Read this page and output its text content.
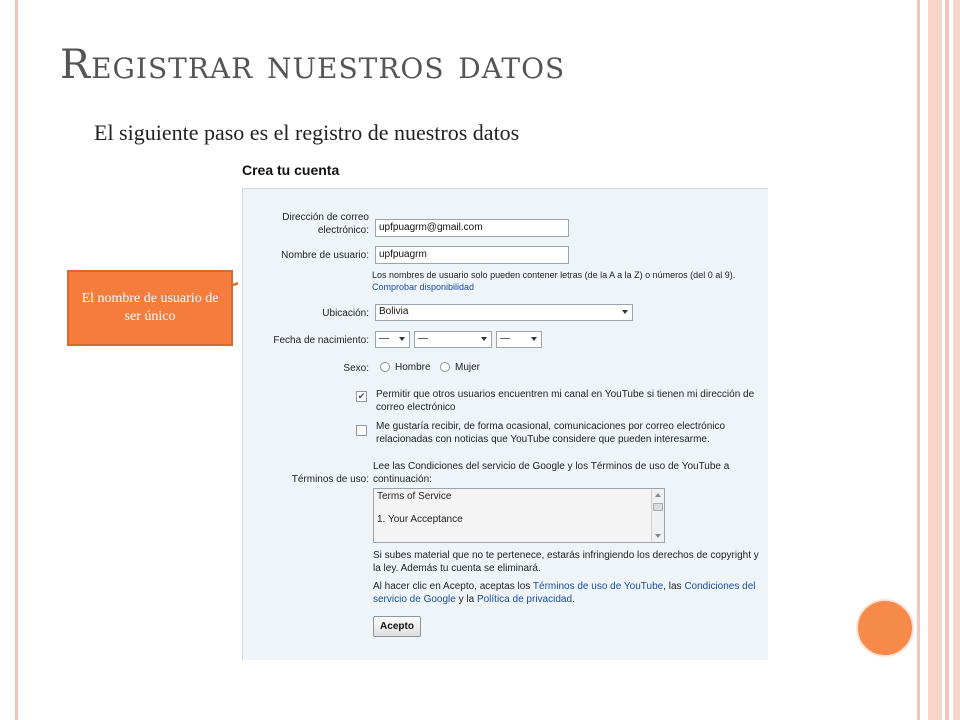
Registrar nuestros datos
El siguiente paso es el registro de nuestros datos
El nombre de usuario de ser único
Crea tu cuenta
Dirección de correo electrónico:	upfpuagrm@gmail.com
Nombre de usuario:	upfpuagrm
Los nombres de usuario solo pueden contener letras (de la A a la Z) o números (del 0 al 9).
Comprobar disponibilidad
Ubicación:	Bolivia
Fecha de nacimiento:	—	—	—
Sexo:	Hombre Mujer
✔ Permitir que otros usuarios encuentren mi canal en YouTube si tienen mi dirección de correo electrónico
Me gustaría recibir, de forma ocasional, comunicaciones por correo electrónico relacionadas con noticias que YouTube considere que pueden interesarme.
Términos de uso:
Lee las Condiciones del servicio de Google y los Términos de uso de YouTube a continuación:
Terms of Service
1. Your Acceptance
Si subes material que no te pertenece, estarás infringiendo los derechos de copyright y la ley. Además tu cuenta se eliminará.
Al hacer clic en Acepto, aceptas los Términos de uso de YouTube, las Condiciones del servicio de Google y la Política de privacidad.
Acepto
